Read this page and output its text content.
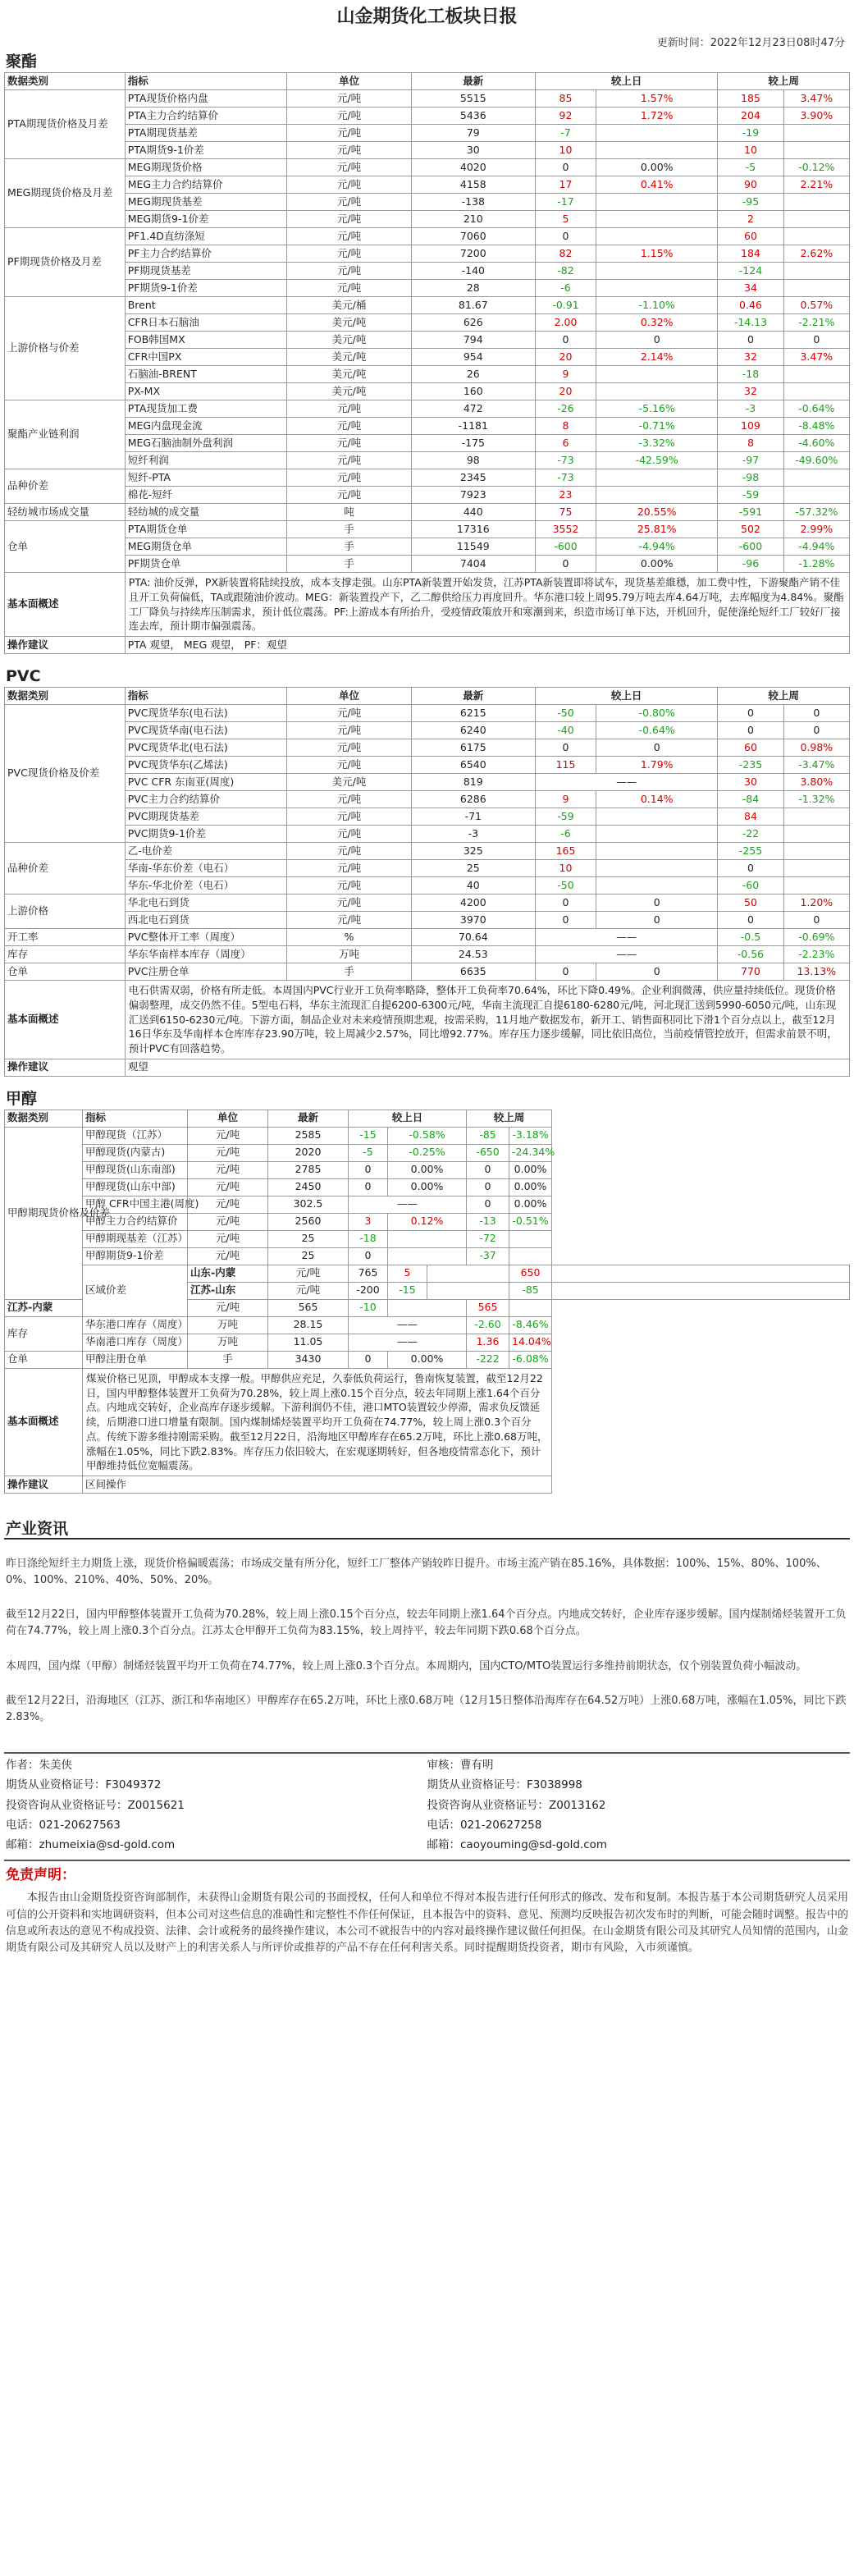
山金期货化工板块日报
更新时间：2022年12月23日08时47分
聚酯
数据类别	指标	单位	最新	较上日		较上周	
PTA期现货价格及月差	PTA现货价格内盘	元/吨	5515	85	1.57%	185	3.47%
	PTA主力合约结算价	元/吨	5436	92	1.72%	204	3.90%
	PTA期现货基差	元/吨	79	-7		-19	
	PTA期货9-1价差	元/吨	30	10		10	
MEG期现货价格及月差	MEG期现货价格	元/吨	4020	0	0.00%	-5	-0.12%
	MEG主力合约结算价	元/吨	4158	17	0.41%	90	2.21%
	MEG期现货基差	元/吨	-138	-17		-95	
	MEG期货9-1价差	元/吨	210	5		2	
PF期现货价格及月差	PF1.4D直纺涤短	元/吨	7060	0		60	
	PF主力合约结算价	元/吨	7200	82	1.15%	184	2.62%
	PF期现货基差	元/吨	-140	-82		-124	
	PF期货9-1价差	元/吨	28	-6		34	
上游价格与价差	Brent	美元/桶	81.67	-0.91	-1.10%	0.46	0.57%
	CFR日本石脑油	美元/吨	626	2.00	0.32%	-14.13	-2.21%
	FOB韩国MX	美元/吨	794	0	0	0	0
	CFR中国PX	美元/吨	954	20	2.14%	32	3.47%
	石脑油-BRENT	美元/吨	26	9		-18	
	PX-MX	美元/吨	160	20		32	
聚酯产业链利润	PTA现货加工费	元/吨	472	-26	-5.16%	-3	-0.64%
	MEG内盘现金流	元/吨	-1181	8	-0.71%	109	-8.48%
	MEG石脑油制外盘利润	元/吨	-175	6	-3.32%	8	-4.60%
	短纤利润	元/吨	98	-73	-42.59%	-97	-49.60%
品种价差	短纤-PTA	元/吨	2345	-73		-98	
	棉花-短纤	元/吨	7923	23		-59	
轻纺城市场成交量	轻纺城的成交量	吨	440	75	20.55%	-591	-57.32%
仓单	PTA期货仓单	手	17316	3552	25.81%	502	2.99%
	MEG期货仓单	手	11549	-600	-4.94%	-600	-4.94%
	PF期货仓单	手	7404	0	0.00%	-96	-1.28%
基本面概述	PTA: 油价反弹，PX新装置将陆续投放，成本支撑走强。山东PTA新装置开始发货，江苏PTA新装置即将试车，现货基差維穩，加工费中性，下游聚酯产销不佳且开工负荷偏低，TA或跟随油价波动。MEG：新装置投产下，乙二醇供给压力再度回升。华东港口较上周95.79万吨去库4.64万吨，去库幅度为4.84%。聚酯工厂降负与持续库压制需求，预计低位震荡。PF:上游成本有所抬升，受疫情政策放开和寒潮到来，织造市场订单下达，开机回升，促使涤纶短纤工厂较好厂接连去库，预计期市偏强震荡。						
操作建议	PTA 观望， MEG 观望， PF：观望						
PVC
数据类别	指标	单位	最新	较上日		较上周	
PVC现货价格及价差	PVC现货华东(电石法)	元/吨	6215	-50	-0.80%	0	0
	PVC现货华南(电石法)	元/吨	6240	-40	-0.64%	0	0
	PVC现货华北(电石法)	元/吨	6175	0	0	60	0.98%
	PVC现货华东(乙烯法)	元/吨	6540	115	1.79%	-235	-3.47%
	PVC CFR 东南亚(周度)	美元/吨	819	——		30	3.80%
	PVC主力合约结算价	元/吨	6286	9	0.14%	-84	-1.32%
	PVC期现货基差	元/吨	-71	-59		84	
	PVC期货9-1价差	元/吨	-3	-6		-22	
品种价差	乙-电价差	元/吨	325	165		-255	
	华南-华东价差（电石）	元/吨	25	10		0	
	华东-华北价差（电石）	元/吨	40	-50		-60	
上游价格	华北电石到货	元/吨	4200	0	0	50	1.20%
	西北电石到货	元/吨	3970	0	0	0	0
开工率	PVC整体开工率（周度）	%	70.64	——		-0.5	-0.69%
库存	华东华南样本库存（周度）	万吨	24.53	——		-0.56	-2.23%
仓单	PVC注册仓单	手	6635	0	0	770	13.13%
基本面概述	电石供需双弱，价格有所走低。本周国内PVC行业开工负荷率略降，整体开工负荷率70.64%，环比下降0.49%。企业利润微薄，供应量持续低位。现货价格偏弱整理，成交仍然不佳。5型电石料，华东主流现汇自提6200-6300元/吨，华南主流现汇自提6180-6280元/吨，河北现汇送到5990-6050元/吨，山东现汇送到6150-6230元/吨。下游方面，制品企业对未来疫情预期悲观，按需采购，11月地产数据发布，新开工、销售面积同比下滑1个百分点以上，截至12月16日华东及华南样本仓库库存23.90万吨，较上周减少2.57%，同比增92.77%。库存压力逐步缓解，同比依旧高位，当前疫情管控放开，但需求前景不明，预计PVC有回落趋势。						
操作建议	观望						
甲醇
数据类别	指标	单位	最新	较上日			较上周		
甲醇期现货价格及价差	甲醇现货（江苏）	元/吨	2585	-15	-0.58%		-85	-3.18%	
	甲醇现货(内蒙古)	元/吨	2020	-5	-0.25%		-650	-24.34%	
	甲醇现货(山东南部)	元/吨	2785	0	0.00%		0	0.00%	
	甲醇现货(山东中部)	元/吨	2450	0	0.00%		0	0.00%	
	甲醇 CFR中国主港(周度)	元/吨	302.5	——			0	0.00%	
	甲醇主力合约结算价	元/吨	2560	3	0.12%		-13	-0.51%	
	甲醇期现基差（江苏）	元/吨	25	-18			-72		
	甲醇期货9-1价差	元/吨	25	0			-37		
	区域价差	山东-内蒙	元/吨	765	5			650	
		江苏-山东	元/吨	-200	-15			-85	
江苏-内蒙		元/吨	565	-10			565		
库存	华东港口库存（周度）	万吨	28.15	——			-2.60	-8.46%	
	华南港口库存（周度）	万吨	11.05	——			1.36	14.04%	
仓单	甲醇注册仓单	手	3430	0	0.00%		-222	-6.08%	
基本面概述	煤炭价格已见顶，甲醇成本支撑一般。甲醇供应充足，久泰低负荷运行，鲁南恢复装置，截至12月22日，国内甲醇整体装置开工负荷为70.28%，较上周上涨0.15个百分点，较去年同期上涨1.64个百分点。内地成交转好，企业高库存逐步缓解。下游利润仍不佳，港口MTO装置较少停滞，需求负反馈延续，后期港口进口增量有限制。国内煤制烯烃装置平均开工负荷在74.77%，较上周上涨0.3个百分点。传统下游多维持刚需采购。截至12月22日，沿海地区甲醇库存在65.2万吨，环比上涨0.68万吨，涨幅在1.05%，同比下跌2.83%。库存压力依旧较大，在宏观逐期转好，但各地疫情常态化下，预计甲醇维持低位宽幅震荡。								
操作建议	区间操作								
产业资讯

昨日涤纶短纤主力期货上涨，现货价格偏暖震荡；市场成交量有所分化，短纤工厂整体产销较昨日提升。市场主流产销在85.16%，具体数据：100%、15%、80%、100%、0%、100%、210%、40%、50%、20%。

截至12月22日，国内甲醇整体装置开工负荷为70.28%，较上周上涨0.15个百分点，较去年同期上涨1.64个百分点。内地成交转好，企业库存逐步缓解。国内煤制烯烃装置开工负荷在74.77%，较上周上涨0.3个百分点。江苏太仓甲醇开工负荷为83.15%，较上周持平，较去年同期下跌0.68个百分点。

本周四，国内煤（甲醇）制烯烃装置平均开工负荷在74.77%，较上周上涨0.3个百分点。本周期内，国内CTO/MTO装置运行多维持前期状态，仅个别装置负荷小幅波动。

截至12月22日，沿海地区（江苏、浙江和华南地区）甲醇库存在65.2万吨，环比上涨0.68万吨（12月15日整体沿海库存在64.52万吨）上涨0.68万吨，涨幅在1.05%，同比下跌2.83%。

作者：朱美侠
期货从业资格证号：F3049372
投资咨询从业资格证号：Z0015621
电话：021-20627563
邮箱：zhumeixia@sd-gold.com
审核：曹有明
期货从业资格证号：F3038998
投资咨询从业资格证号：Z0013162
电话：021-20627258
邮箱：caoyouming@sd-gold.com
免责声明：
本报告由山金期货投资咨询部制作，未获得山金期货有限公司的书面授权，任何人和单位不得对本报告进行任何形式的修改、发布和复制。本报告基于本公司期货研究人员采用可信的公开资料和实地调研资料，但本公司对这些信息的准确性和完整性不作任何保证，且本报告中的资料、意见、预测均反映报告初次发布时的判断，可能会随时调整。报告中的信息或所表达的意见不构成投资、法律、会计或税务的最终操作建议，本公司不就报告中的内容对最终操作建议做任何担保。在山金期货有限公司及其研究人员知情的范围内，山金期货有限公司及其研究人员以及财产上的利害关系人与所评价或推荐的产品不存在任何利害关系。同时提醒期货投资者，期市有风险，入市须谨慎。
